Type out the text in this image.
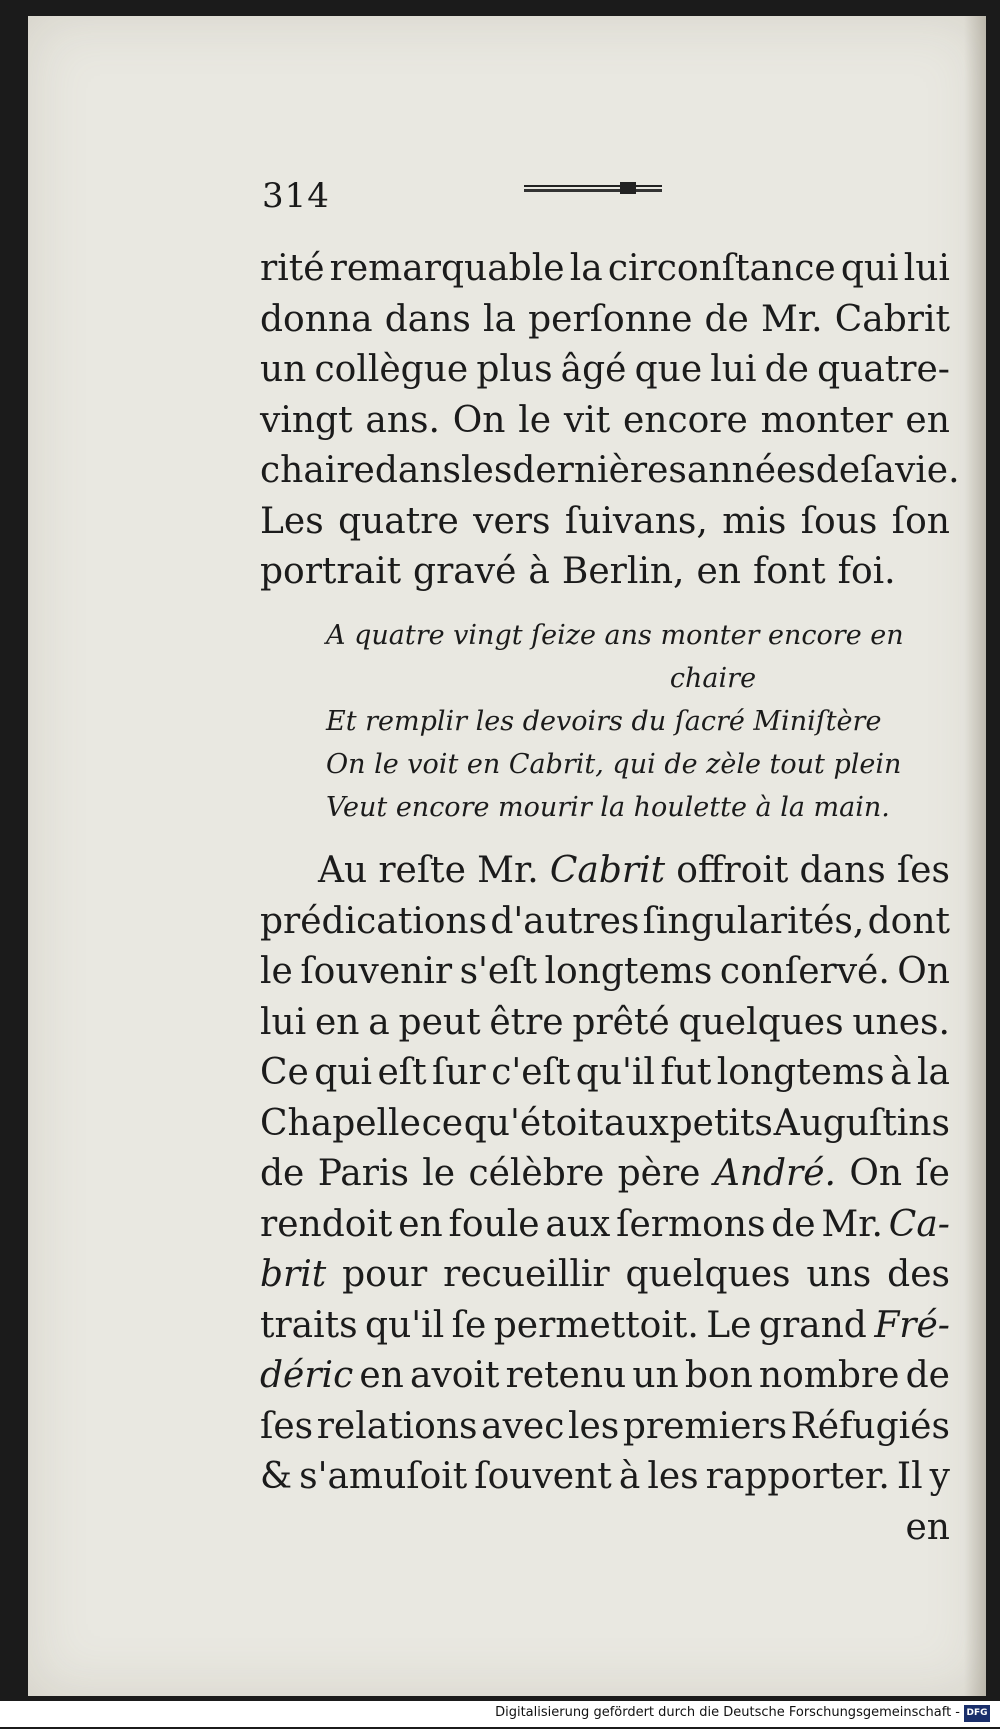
314
rité remarquable la circonſtance qui lui
donna dans la perſonne de Mr. Cabrit
un collègue plus âgé que lui de quatre-
vingt ans. On le vit encore monter en
chaire dans les dernières années de ſa vie.
Les quatre vers ſuivans, mis ſous ſon
portrait gravé à Berlin, en font foi.
A quatre vingt ſeize ans monter encore en
chaire
Et remplir les devoirs du ſacré Miniſtère
On le voit en Cabrit, qui de zèle tout plein
Veut encore mourir la houlette à la main.
Au reſte Mr. Cabrit offroit dans ſes
prédications d'autres ſingularités, dont
le ſouvenir s'eſt longtems conſervé. On
lui en a peut être prêté quelques unes.
Ce qui eſt ſur c'eſt qu'il fut longtems à la
Chapelle ce qu'étoit aux petits Auguſtins
de Paris le célèbre père André. On ſe
rendoit en foule aux ſermons de Mr. Ca-
brit pour recueillir quelques uns des
traits qu'il ſe permettoit. Le grand Fré-
déric en avoit retenu un bon nombre de
ſes relations avec les premiers Réfugiés
& s'amuſoit ſouvent à les rapporter. Il y
en
Digitalisierung gefördert durch die Deutsche Forschungsgemeinschaft - DFG
